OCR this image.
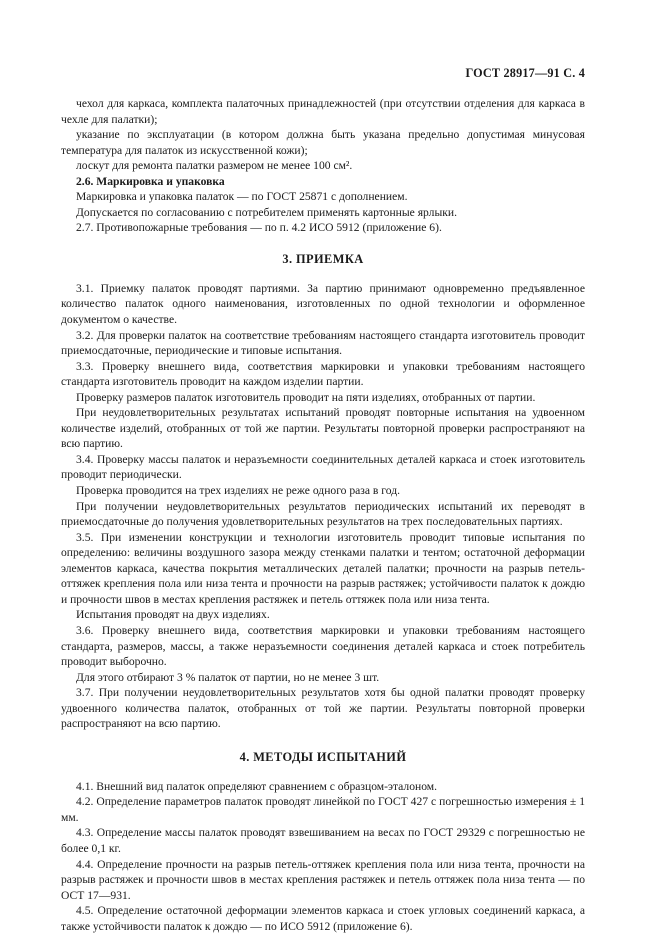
ГОСТ 28917—91 С. 4

чехол для каркаса, комплекта палаточных принадлежностей (при отсутствии отделения для каркаса в чехле для палатки);

указание по эксплуатации (в котором должна быть указана предельно допустимая минусовая температура для палаток из искусственной кожи);

лоскут для ремонта палатки размером не менее 100 см².

2.6. Маркировка и упаковка

Маркировка и упаковка палаток — по ГОСТ 25871 с дополнением.

Допускается по согласованию с потребителем применять картонные ярлыки.

2.7. Противопожарные требования — по п. 4.2 ИСО 5912 (приложение 6).

3. ПРИЕМКА

3.1. Приемку палаток проводят партиями. За партию принимают одновременно предъявленное количество палаток одного наименования, изготовленных по одной технологии и оформленное документом о качестве.

3.2. Для проверки палаток на соответствие требованиям настоящего стандарта изготовитель проводит приемосдаточные, периодические и типовые испытания.

3.3. Проверку внешнего вида, соответствия маркировки и упаковки требованиям настоящего стандарта изготовитель проводит на каждом изделии партии.

Проверку размеров палаток изготовитель проводит на пяти изделиях, отобранных от партии.

При неудовлетворительных результатах испытаний проводят повторные испытания на удвоенном количестве изделий, отобранных от той же партии. Результаты повторной проверки распространяют на всю партию.

3.4. Проверку массы палаток и неразъемности соединительных деталей каркаса и стоек изготовитель проводит периодически.

Проверка проводится на трех изделиях не реже одного раза в год.

При получении неудовлетворительных результатов периодических испытаний их переводят в приемосдаточные до получения удовлетворительных результатов на трех последовательных партиях.

3.5. При изменении конструкции и технологии изготовитель проводит типовые испытания по определению: величины воздушного зазора между стенками палатки и тентом; остаточной деформации элементов каркаса, качества покрытия металлических деталей палатки; прочности на разрыв петель-оттяжек крепления пола или низа тента и прочности на разрыв растяжек; устойчивости палаток к дождю и прочности швов в местах крепления растяжек и петель оттяжек пола или низа тента.

Испытания проводят на двух изделиях.

3.6. Проверку внешнего вида, соответствия маркировки и упаковки требованиям настоящего стандарта, размеров, массы, а также неразъемности соединения деталей каркаса и стоек потребитель проводит выборочно.

Для этого отбирают 3 % палаток от партии, но не менее 3 шт.

3.7. При получении неудовлетворительных результатов хотя бы одной палатки проводят проверку удвоенного количества палаток, отобранных от той же партии. Результаты повторной проверки распространяют на всю партию.

4. МЕТОДЫ ИСПЫТАНИЙ

4.1. Внешний вид палаток определяют сравнением с образцом-эталоном.

4.2. Определение параметров палаток проводят линейкой по ГОСТ 427 с погрешностью измерения ± 1 мм.

4.3. Определение массы палаток проводят взвешиванием на весах по ГОСТ 29329 с погрешностью не более 0,1 кг.

4.4. Определение прочности на разрыв петель-оттяжек крепления пола или низа тента, прочности на разрыв растяжек и прочности швов в местах крепления растяжек и петель оттяжек пола низа тента — по ОСТ 17—931.

4.5. Определение остаточной деформации элементов каркаса и стоек угловых соединений каркаса, а также устойчивости палаток к дождю — по ИСО 5912 (приложение 6).
